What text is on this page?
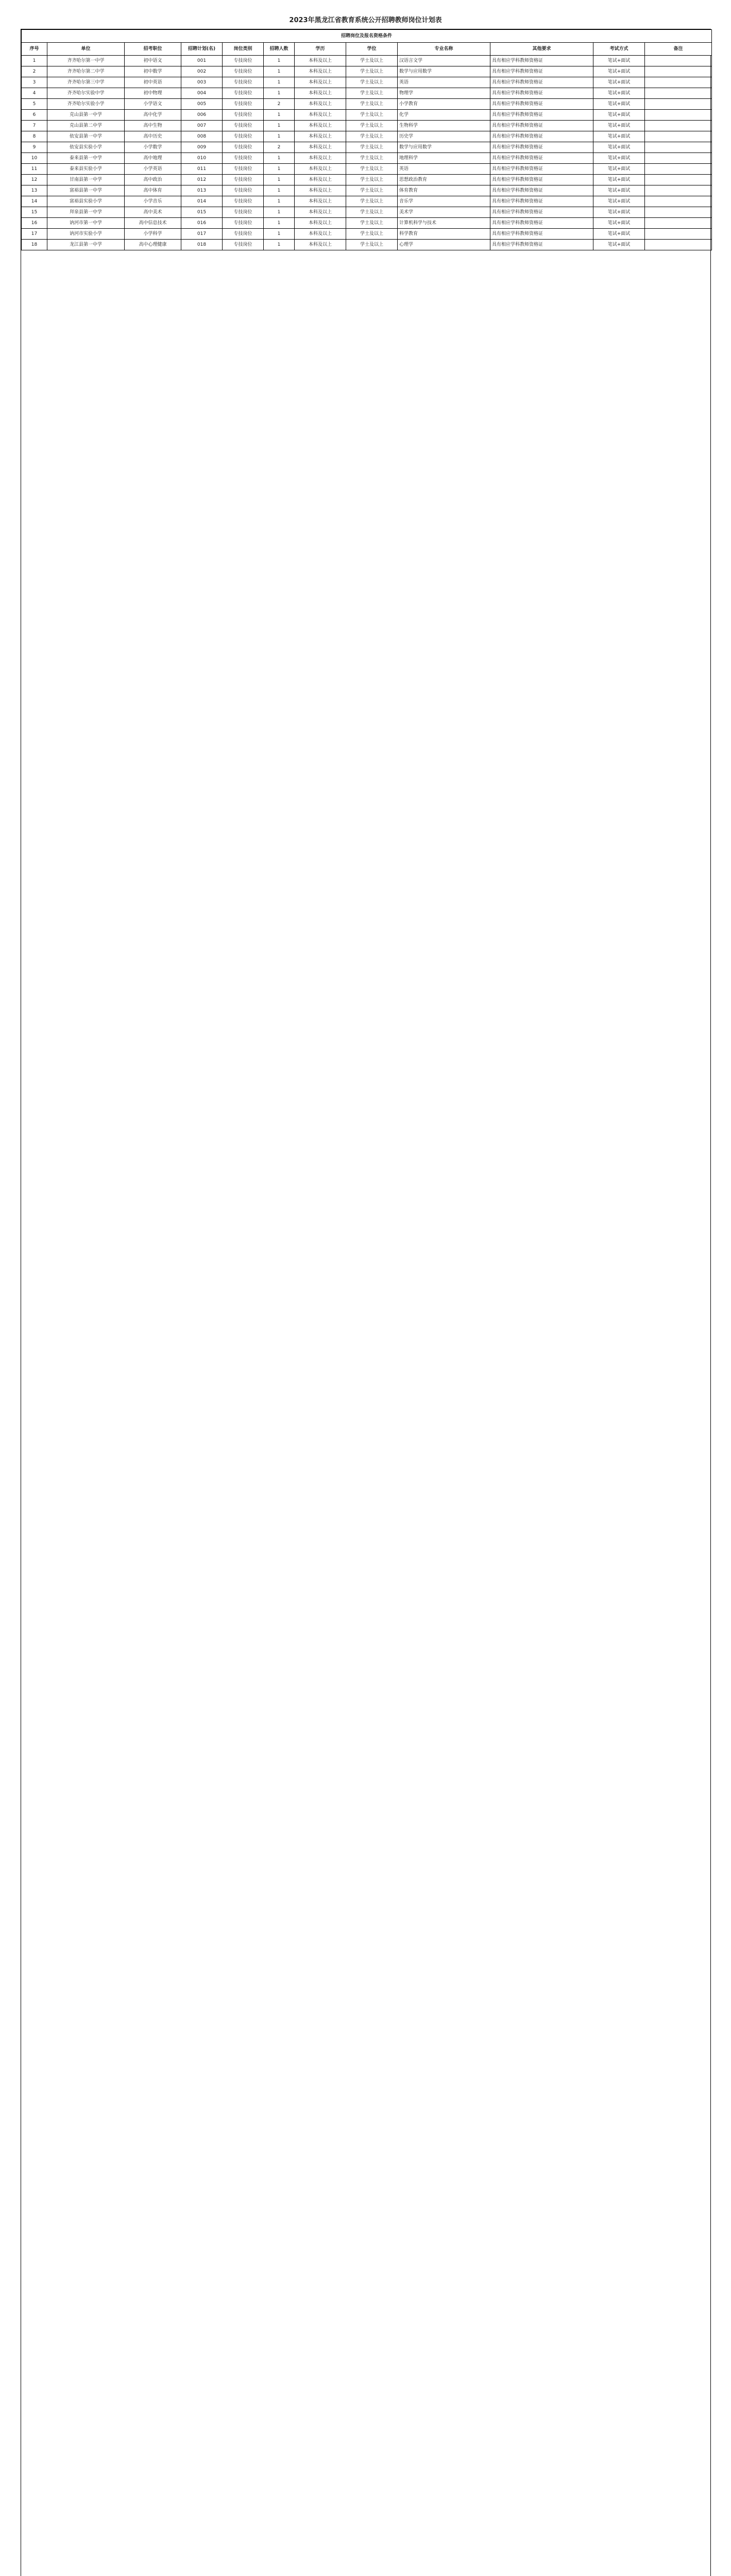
2023年黑龙江省教育系统公开招聘教师岗位计划表
招聘岗位及报名资格条件											
序号	单位	招考职位	招聘计划(名)	岗位类别	招聘人数	学历	学位	专业名称	其他要求	考试方式	备注
1	齐齐哈尔第一中学	初中语文	001	专技岗位	1	本科及以上	学士及以上	汉语言文学	具有相应学科教师资格证	笔试+面试	
2	齐齐哈尔第二中学	初中数学	002	专技岗位	1	本科及以上	学士及以上	数学与应用数学	具有相应学科教师资格证	笔试+面试	
3	齐齐哈尔第三中学	初中英语	003	专技岗位	1	本科及以上	学士及以上	英语	具有相应学科教师资格证	笔试+面试	
4	齐齐哈尔实验中学	初中物理	004	专技岗位	1	本科及以上	学士及以上	物理学	具有相应学科教师资格证	笔试+面试	
5	齐齐哈尔实验小学	小学语文	005	专技岗位	2	本科及以上	学士及以上	小学教育	具有相应学科教师资格证	笔试+面试	
6	克山县第一中学	高中化学	006	专技岗位	1	本科及以上	学士及以上	化学	具有相应学科教师资格证	笔试+面试	
7	克山县第二中学	高中生物	007	专技岗位	1	本科及以上	学士及以上	生物科学	具有相应学科教师资格证	笔试+面试	
8	依安县第一中学	高中历史	008	专技岗位	1	本科及以上	学士及以上	历史学	具有相应学科教师资格证	笔试+面试	
9	依安县实验小学	小学数学	009	专技岗位	2	本科及以上	学士及以上	数学与应用数学	具有相应学科教师资格证	笔试+面试	
10	泰来县第一中学	高中地理	010	专技岗位	1	本科及以上	学士及以上	地理科学	具有相应学科教师资格证	笔试+面试	
11	泰来县实验小学	小学英语	011	专技岗位	1	本科及以上	学士及以上	英语	具有相应学科教师资格证	笔试+面试	
12	甘南县第一中学	高中政治	012	专技岗位	1	本科及以上	学士及以上	思想政治教育	具有相应学科教师资格证	笔试+面试	
13	富裕县第一中学	高中体育	013	专技岗位	1	本科及以上	学士及以上	体育教育	具有相应学科教师资格证	笔试+面试	
14	富裕县实验小学	小学音乐	014	专技岗位	1	本科及以上	学士及以上	音乐学	具有相应学科教师资格证	笔试+面试	
15	拜泉县第一中学	高中美术	015	专技岗位	1	本科及以上	学士及以上	美术学	具有相应学科教师资格证	笔试+面试	
16	讷河市第一中学	高中信息技术	016	专技岗位	1	本科及以上	学士及以上	计算机科学与技术	具有相应学科教师资格证	笔试+面试	
17	讷河市实验小学	小学科学	017	专技岗位	1	本科及以上	学士及以上	科学教育	具有相应学科教师资格证	笔试+面试	
18	龙江县第一中学	高中心理健康	018	专技岗位	1	本科及以上	学士及以上	心理学	具有相应学科教师资格证	笔试+面试	
